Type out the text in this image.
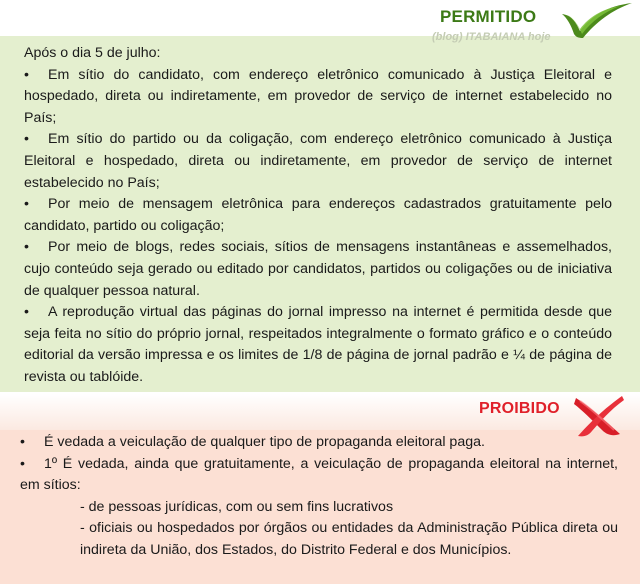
PERMITIDO
(blog) ITABAIANA hoje

Após o dia 5 de julho:

• Em sítio do candidato, com endereço eletrônico comunicado à Justiça Eleitoral e hospedado, direta ou indiretamente, em provedor de serviço de internet estabelecido no País;

• Em sítio do partido ou da coligação, com endereço eletrônico comunicado à Justiça Eleitoral e hospedado, direta ou indiretamente, em provedor de serviço de internet estabelecido no País;

• Por meio de mensagem eletrônica para endereços cadastrados gratuitamente pelo candidato, partido ou coligação;

• Por meio de blogs, redes sociais, sítios de mensagens instantâneas e assemelhados, cujo conteúdo seja gerado ou editado por candidatos, partidos ou coligações ou de iniciativa de qualquer pessoa natural.

• A reprodução virtual das páginas do jornal impresso na internet é permitida desde que seja feita no sítio do próprio jornal, respeitados integralmente o formato gráfico e o conteúdo editorial da versão impressa e os limites de 1/8 de página de jornal padrão e ¼ de página de revista ou tablóide.

PROIBIDO

• É vedada a veiculação de qualquer tipo de propaganda eleitoral paga.

• 1º É vedada, ainda que gratuitamente, a veiculação de propaganda eleitoral na internet, em sítios:

- de pessoas jurídicas, com ou sem fins lucrativos

- oficiais ou hospedados por órgãos ou entidades da Administração Pública direta ou indireta da União, dos Estados, do Distrito Federal e dos Municípios.
